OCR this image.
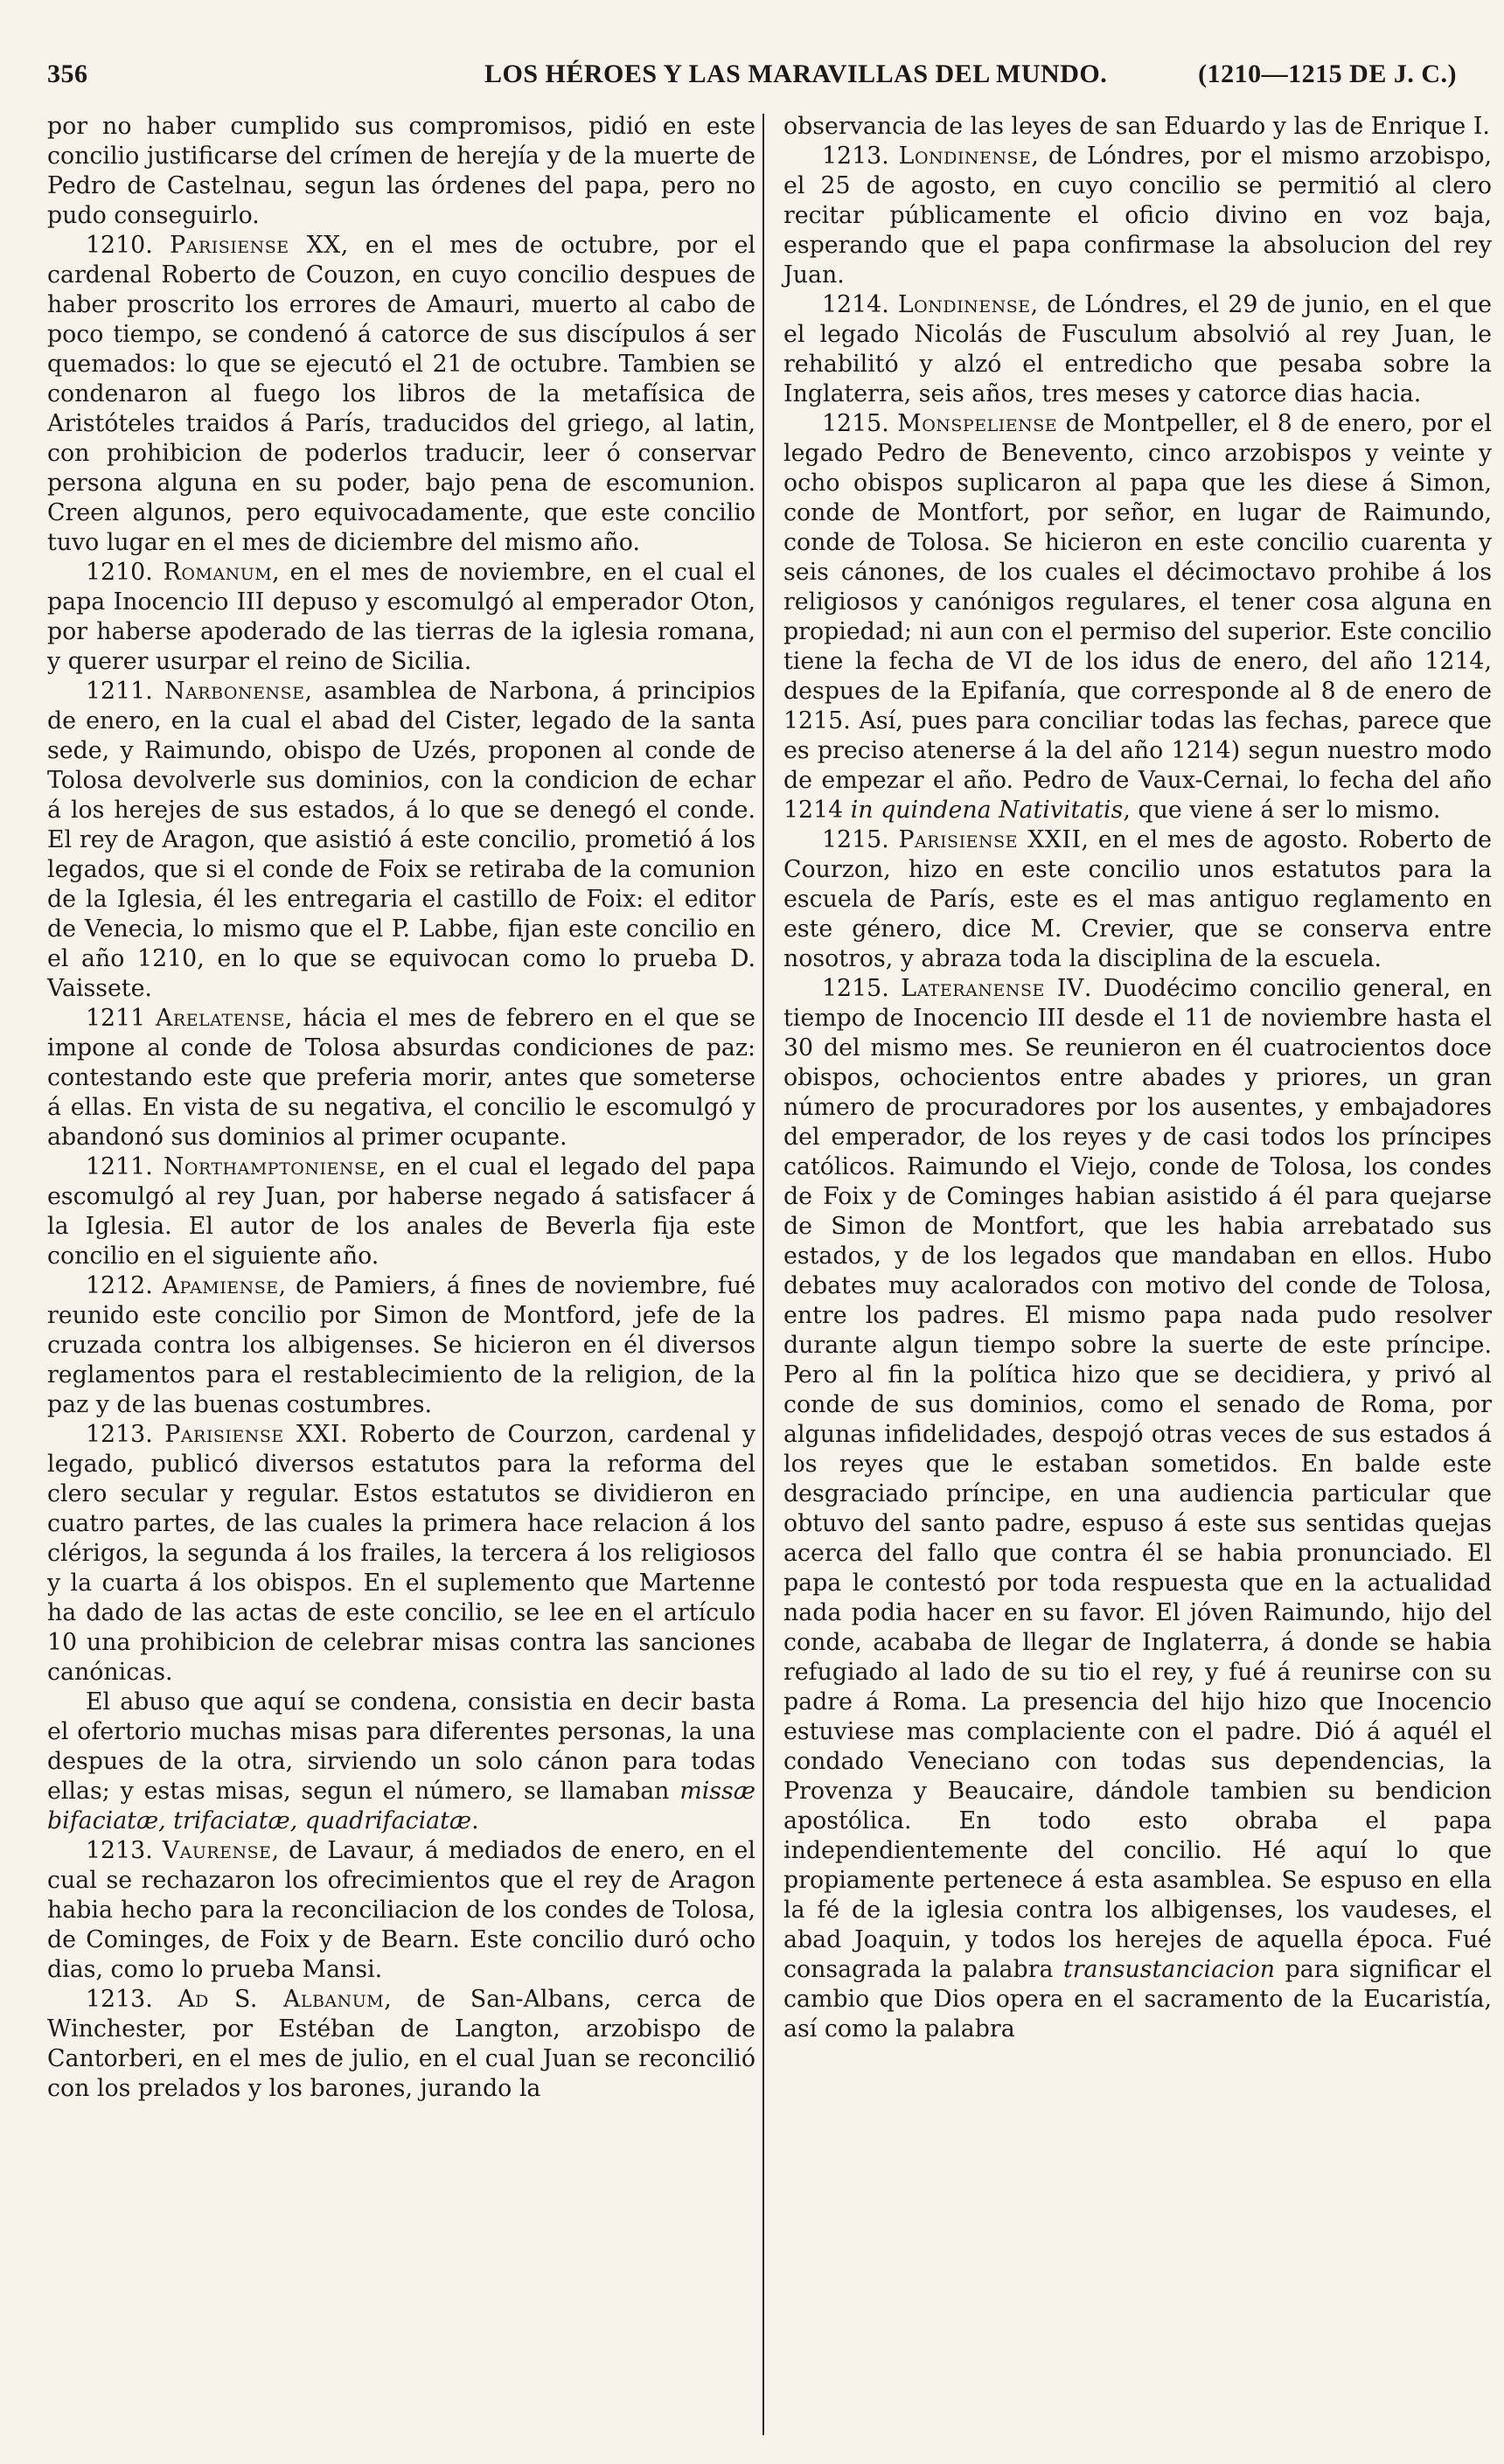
356	LOS HÉROES Y LAS MARAVILLAS DEL MUNDO.	(1210—1215 DE J. C.)

por no haber cumplido sus compromisos, pidió en este concilio justificarse del crímen de herejía y de la muerte de Pedro de Castelnau, segun las órdenes del papa, pero no pudo conseguirlo.

1210. Parisiense XX, en el mes de octubre, por el cardenal Roberto de Couzon, en cuyo concilio despues de haber proscrito los errores de Amauri, muerto al cabo de poco tiempo, se condenó á catorce de sus discípulos á ser quemados: lo que se ejecutó el 21 de octubre. Tambien se condenaron al fuego los libros de la metafísica de Aristóteles traidos á París, traducidos del griego, al latin, con prohibicion de poderlos traducir, leer ó conservar persona alguna en su poder, bajo pena de escomunion. Creen algunos, pero equivocadamente, que este concilio tuvo lugar en el mes de diciembre del mismo año.

1210. Romanum, en el mes de noviembre, en el cual el papa Inocencio III depuso y escomulgó al emperador Oton, por haberse apoderado de las tierras de la iglesia romana, y querer usurpar el reino de Sicilia.

1211. Narbonense, asamblea de Narbona, á principios de enero, en la cual el abad del Cister, legado de la santa sede, y Raimundo, obispo de Uzés, proponen al conde de Tolosa devolverle sus dominios, con la condicion de echar á los herejes de sus estados, á lo que se denegó el conde. El rey de Aragon, que asistió á este concilio, prometió á los legados, que si el conde de Foix se retiraba de la comunion de la Iglesia, él les entregaria el castillo de Foix: el editor de Venecia, lo mismo que el P. Labbe, fijan este concilio en el año 1210, en lo que se equivocan como lo prueba D. Vaissete.

1211 Arelatense, hácia el mes de febrero en el que se impone al conde de Tolosa absurdas condiciones de paz: contestando este que preferia morir, antes que someterse á ellas. En vista de su negativa, el concilio le escomulgó y abandonó sus dominios al primer ocupante.

1211. Northamptoniense, en el cual el legado del papa escomulgó al rey Juan, por haberse negado á satisfacer á la Iglesia. El autor de los anales de Beverla fija este concilio en el siguiente año.

1212. Apamiense, de Pamiers, á fines de noviembre, fué reunido este concilio por Simon de Montford, jefe de la cruzada contra los albigenses. Se hicieron en él diversos reglamentos para el restablecimiento de la religion, de la paz y de las buenas costumbres.

1213. Parisiense XXI. Roberto de Courzon, cardenal y legado, publicó diversos estatutos para la reforma del clero secular y regular. Estos estatutos se dividieron en cuatro partes, de las cuales la primera hace relacion á los clérigos, la segunda á los frailes, la tercera á los religiosos y la cuarta á los obispos. En el suplemento que Martenne ha dado de las actas de este concilio, se lee en el artículo 10 una prohibicion de celebrar misas contra las sanciones canónicas.

El abuso que aquí se condena, consistia en decir basta el ofertorio muchas misas para diferentes personas, la una despues de la otra, sirviendo un solo cánon para todas ellas; y estas misas, segun el número, se llamaban missæ bifaciatæ, trifaciatæ, quadrifaciatæ.

1213. Vaurense, de Lavaur, á mediados de enero, en el cual se rechazaron los ofrecimientos que el rey de Aragon habia hecho para la reconciliacion de los condes de Tolosa, de Cominges, de Foix y de Bearn. Este concilio duró ocho dias, como lo prueba Mansi.

1213. Ad S. Albanum, de San-Albans, cerca de Winchester, por Estéban de Langton, arzobispo de Cantorberi, en el mes de julio, en el cual Juan se reconcilió con los prelados y los barones, jurando la

observancia de las leyes de san Eduardo y las de Enrique I.

1213. Londinense, de Lóndres, por el mismo arzobispo, el 25 de agosto, en cuyo concilio se permitió al clero recitar públicamente el oficio divino en voz baja, esperando que el papa confirmase la absolucion del rey Juan.

1214. Londinense, de Lóndres, el 29 de junio, en el que el legado Nicolás de Fusculum absolvió al rey Juan, le rehabilitó y alzó el entredicho que pesaba sobre la Inglaterra, seis años, tres meses y catorce dias hacia.

1215. Monspeliense de Montpeller, el 8 de enero, por el legado Pedro de Benevento, cinco arzobispos y veinte y ocho obispos suplicaron al papa que les diese á Simon, conde de Montfort, por señor, en lugar de Raimundo, conde de Tolosa. Se hicieron en este concilio cuarenta y seis cánones, de los cuales el décimoctavo prohibe á los religiosos y canónigos regulares, el tener cosa alguna en propiedad; ni aun con el permiso del superior. Este concilio tiene la fecha de VI de los idus de enero, del año 1214, despues de la Epifanía, que corresponde al 8 de enero de 1215. Así, pues para conciliar todas las fechas, parece que es preciso atenerse á la del año 1214) segun nuestro modo de empezar el año. Pedro de Vaux-Cernai, lo fecha del año 1214 in quindena Nativitatis, que viene á ser lo mismo.

1215. Parisiense XXII, en el mes de agosto. Roberto de Courzon, hizo en este concilio unos estatutos para la escuela de París, este es el mas antiguo reglamento en este género, dice M. Crevier, que se conserva entre nosotros, y abraza toda la disciplina de la escuela.

1215. Lateranense IV. Duodécimo concilio general, en tiempo de Inocencio III desde el 11 de noviembre hasta el 30 del mismo mes. Se reunieron en él cuatrocientos doce obispos, ochocientos entre abades y priores, un gran número de procuradores por los ausentes, y embajadores del emperador, de los reyes y de casi todos los príncipes católicos. Raimundo el Viejo, conde de Tolosa, los condes de Foix y de Cominges habian asistido á él para quejarse de Simon de Montfort, que les habia arrebatado sus estados, y de los legados que mandaban en ellos. Hubo debates muy acalorados con motivo del conde de Tolosa, entre los padres. El mismo papa nada pudo resolver durante algun tiempo sobre la suerte de este príncipe. Pero al fin la política hizo que se decidiera, y privó al conde de sus dominios, como el senado de Roma, por algunas infidelidades, despojó otras veces de sus estados á los reyes que le estaban sometidos. En balde este desgraciado príncipe, en una audiencia particular que obtuvo del santo padre, espuso á este sus sentidas quejas acerca del fallo que contra él se habia pronunciado. El papa le contestó por toda respuesta que en la actualidad nada podia hacer en su favor. El jóven Raimundo, hijo del conde, acababa de llegar de Inglaterra, á donde se habia refugiado al lado de su tio el rey, y fué á reunirse con su padre á Roma. La presencia del hijo hizo que Inocencio estuviese mas complaciente con el padre. Dió á aquél el condado Veneciano con todas sus dependencias, la Provenza y Beaucaire, dándole tambien su bendicion apostólica. En todo esto obraba el papa independientemente del concilio. Hé aquí lo que propiamente pertenece á esta asamblea. Se espuso en ella la fé de la iglesia contra los albigenses, los vaudeses, el abad Joaquin, y todos los herejes de aquella época. Fué consagrada la palabra transustanciacion para significar el cambio que Dios opera en el sacramento de la Eucaristía, así como la palabra
